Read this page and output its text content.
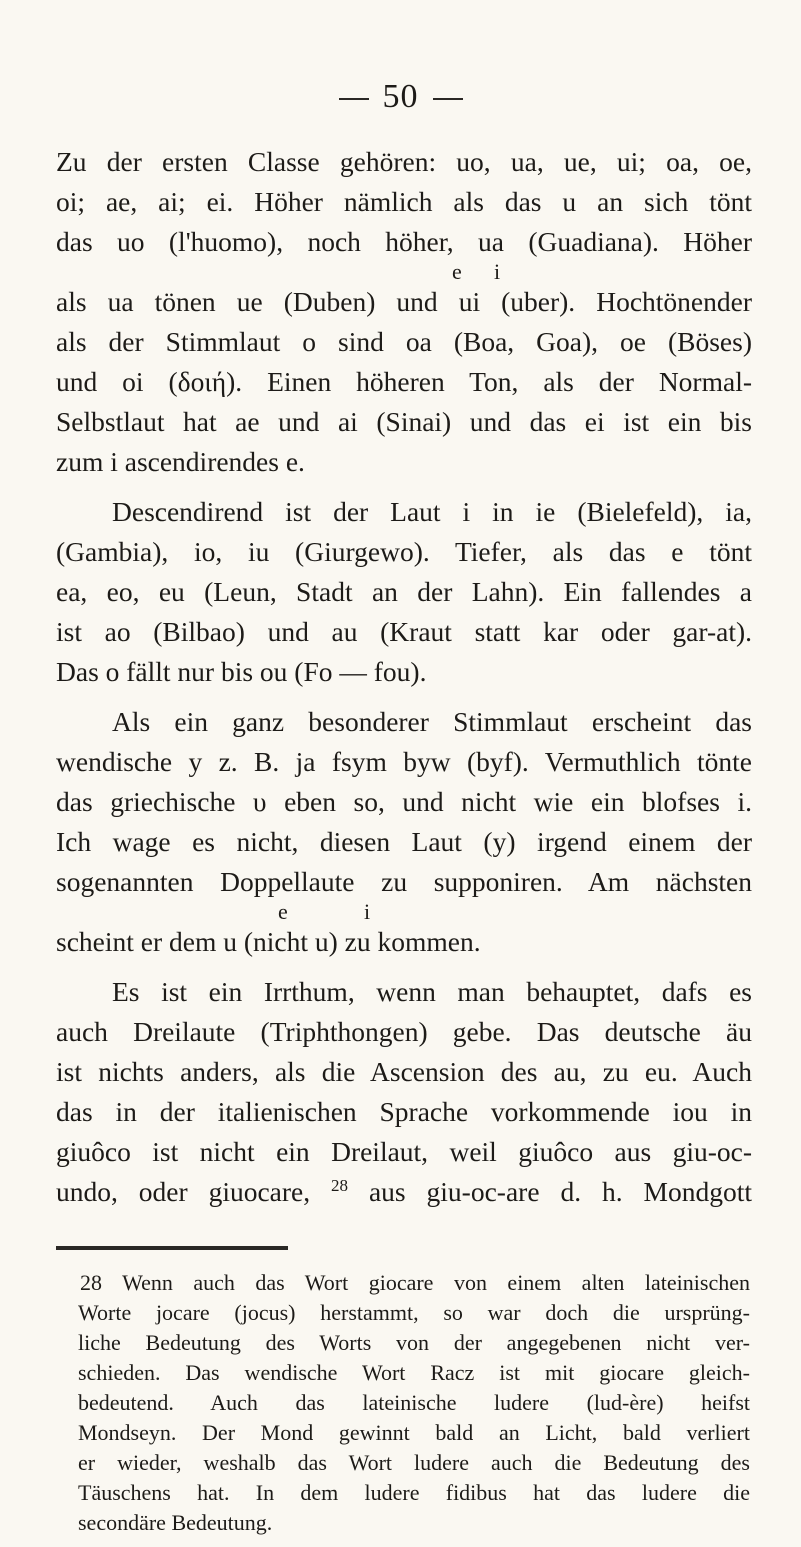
50
Zu der ersten Classe gehören: uo, ua, ue, ui; oa, oe,
oi; ae, ai; ei. Höher nämlich als das u an sich tönt
das uo (l'huomo), noch höher, ua (Guadiana). Höher
e i
als ua tönen ue (Duben) und ui (uber). Hochtönender
als der Stimmlaut o sind oa (Boa, Goa), oe (Böses)
und oi (δοιή). Einen höheren Ton, als der Normal-
Selbstlaut hat ae und ai (Sinai) und das ei ist ein bis
zum i ascendirendes e.
Descendirend ist der Laut i in ie (Bielefeld), ia,
(Gambia), io, iu (Giurgewo). Tiefer, als das e tönt
ea, eo, eu (Leun, Stadt an der Lahn). Ein fallendes a
ist ao (Bilbao) und au (Kraut statt kar oder gar-at).
Das o fällt nur bis ou (Fo — fou).
Als ein ganz besonderer Stimmlaut erscheint das
wendische y z. B. ja fsym byw (byf). Vermuthlich tönte
das griechische υ eben so, und nicht wie ein blofses i.
Ich wage es nicht, diesen Laut (y) irgend einem der
sogenannten Doppellaute zu supponiren. Am nächsten
e	i
scheint er dem u (nicht u) zu kommen.
Es ist ein Irrthum, wenn man behauptet, dafs es
auch Dreilaute (Triphthongen) gebe. Das deutsche äu
ist nichts anders, als die Ascension des au, zu eu. Auch
das in der italienischen Sprache vorkommende iou in
giuôco ist nicht ein Dreilaut, weil giuôco aus giu-oc-
undo, oder giuocare, $^{28}$ aus giu-oc-are d. h. Mondgott
28 Wenn auch das Wort giocare von einem alten lateinischen
Worte jocare (jocus) herstammt, so war doch die ursprüng-
liche Bedeutung des Worts von der angegebenen nicht ver-
schieden. Das wendische Wort Racz ist mit giocare gleich-
bedeutend. Auch das lateinische ludere (lud-ère) heifst
Mondseyn. Der Mond gewinnt bald an Licht, bald verliert
er wieder, weshalb das Wort ludere auch die Bedeutung des
Täuschens hat. In dem ludere fidibus hat das ludere die
secondäre Bedeutung.
